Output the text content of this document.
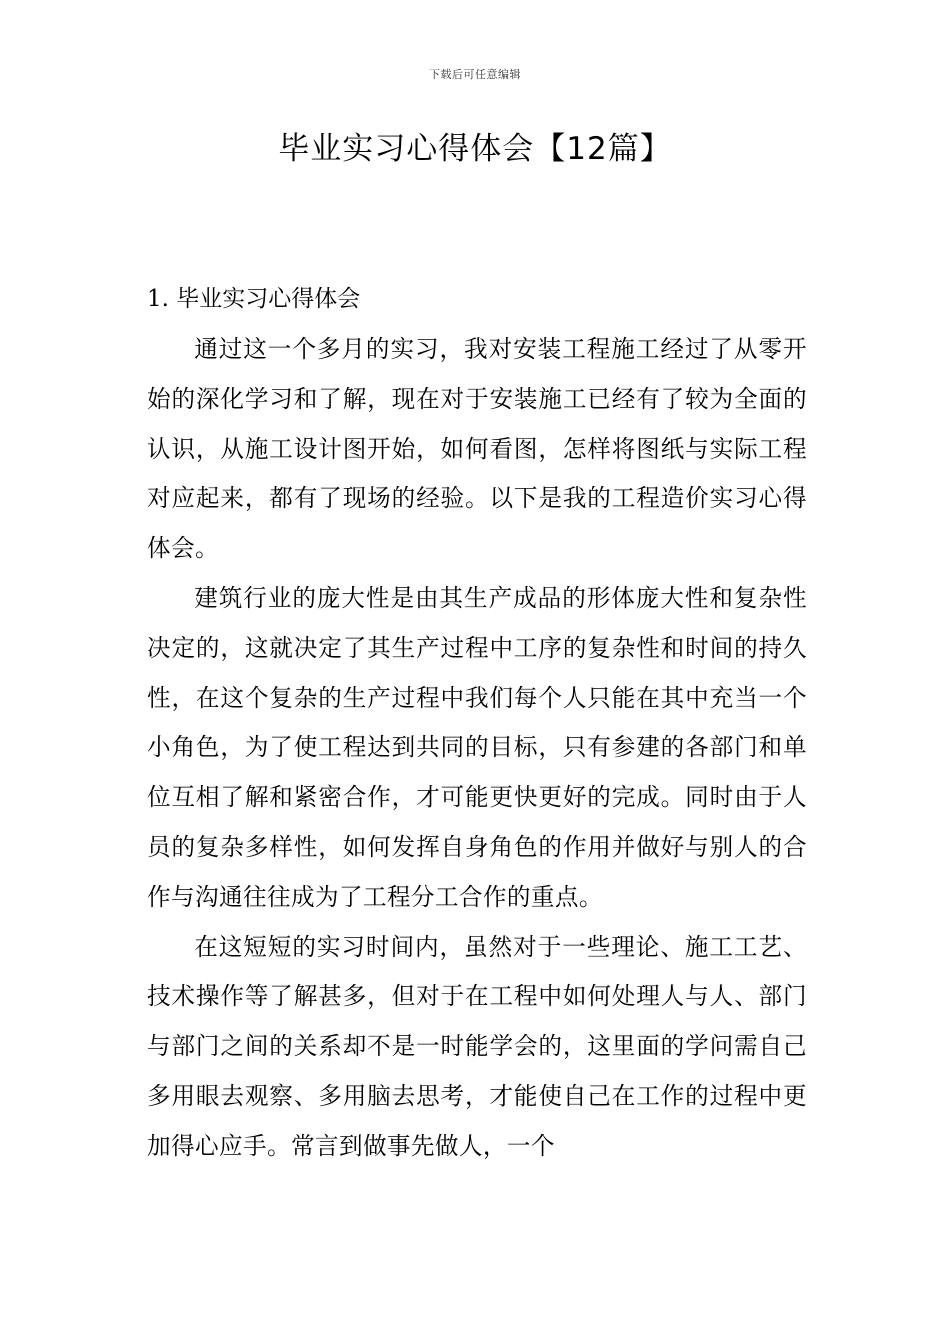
下载后可任意编辑
毕业实习心得体会【12篇】
1. 毕业实习心得体会

通过这一个多月的实习，我对安装工程施工经过了从零开始的深化学习和了解，现在对于安装施工已经有了较为全面的认识，从施工设计图开始，如何看图，怎样将图纸与实际工程对应起来，都有了现场的经验。以下是我的工程造价实习心得体会。

建筑行业的庞大性是由其生产成品的形体庞大性和复杂性决定的，这就决定了其生产过程中工序的复杂性和时间的持久性，在这个复杂的生产过程中我们每个人只能在其中充当一个小角色，为了使工程达到共同的目标，只有参建的各部门和单位互相了解和紧密合作，才可能更快更好的完成。同时由于人员的复杂多样性，如何发挥自身角色的作用并做好与别人的合作与沟通往往成为了工程分工合作的重点。

在这短短的实习时间内，虽然对于一些理论、施工工艺、技术操作等了解甚多，但对于在工程中如何处理人与人、部门与部门之间的关系却不是一时能学会的，这里面的学问需自己多用眼去观察、多用脑去思考，才能使自己在工作的过程中更加得心应手。常言到做事先做人，一个
